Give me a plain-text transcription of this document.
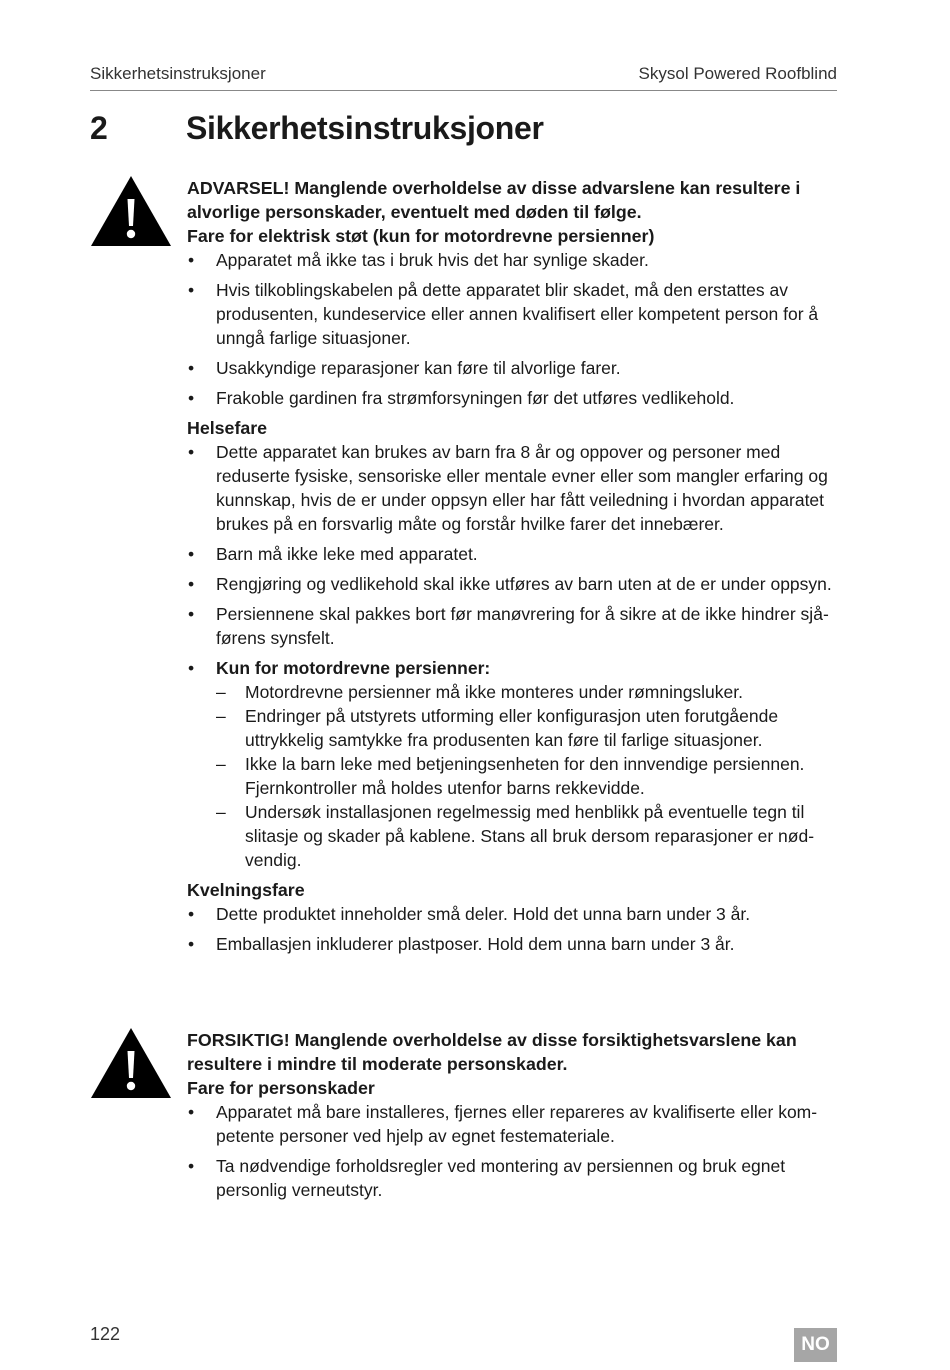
Sikkerhetsinstruksjoner	Skysol Powered Roofblind
2 Sikkerhetsinstruksjoner

ADVARSEL! Manglende overholdelse av disse advarslene kan resultere i alvorlige personskader, eventuelt med døden til følge.

Fare for elektrisk støt (kun for motordrevne persienner)

• Apparatet må ikke tas i bruk hvis det har synlige skader.
• Hvis tilkoblingskabelen på dette apparatet blir skadet, må den erstattes av produsenten, kundeservice eller annen kvalifisert eller kompetent person for å unngå farlige situasjoner.
• Usakkyndige reparasjoner kan føre til alvorlige farer.
• Frakoble gardinen fra strømforsyningen før det utføres vedlikehold.

Helsefare

• Dette apparatet kan brukes av barn fra 8 år og oppover og personer med reduserte fysiske, sensoriske eller mentale evner eller som mangler erfaring og kunnskap, hvis de er under oppsyn eller har fått veiledning i hvordan apparatet brukes på en forsvarlig måte og forstår hvilke farer det innebærer.
• Barn må ikke leke med apparatet.
• Rengjøring og vedlikehold skal ikke utføres av barn uten at de er under oppsyn.
• Persiennene skal pakkes bort før manøvrering for å sikre at de ikke hindrer sjåførens synsfelt.
• Kun for motordrevne persienner:
– Motordrevne persienner må ikke monteres under rømningsluker.
– Endringer på utstyrets utforming eller konfigurasjon uten forutgående uttrykkelig samtykke fra produsenten kan føre til farlige situasjoner.
– Ikke la barn leke med betjeningsenheten for den innvendige persiennen. Fjernkontroller må holdes utenfor barns rekkevidde.
– Undersøk installasjonen regelmessig med henblikk på eventuelle tegn til slitasje og skader på kablene. Stans all bruk dersom reparasjoner er nødvendig.

Kvelningsfare

• Dette produktet inneholder små deler. Hold det unna barn under 3 år.
• Emballasjen inkluderer plastposer. Hold dem unna barn under 3 år.

FORSIKTIG! Manglende overholdelse av disse forsiktighetsvarslene kan resultere i mindre til moderate personskader.

Fare for personskader

• Apparatet må bare installeres, fjernes eller repareres av kvalifiserte eller kompetente personer ved hjelp av egnet festemateriale.
• Ta nødvendige forholdsregler ved montering av persiennen og bruk egnet personlig verneutstyr.
122	NO
